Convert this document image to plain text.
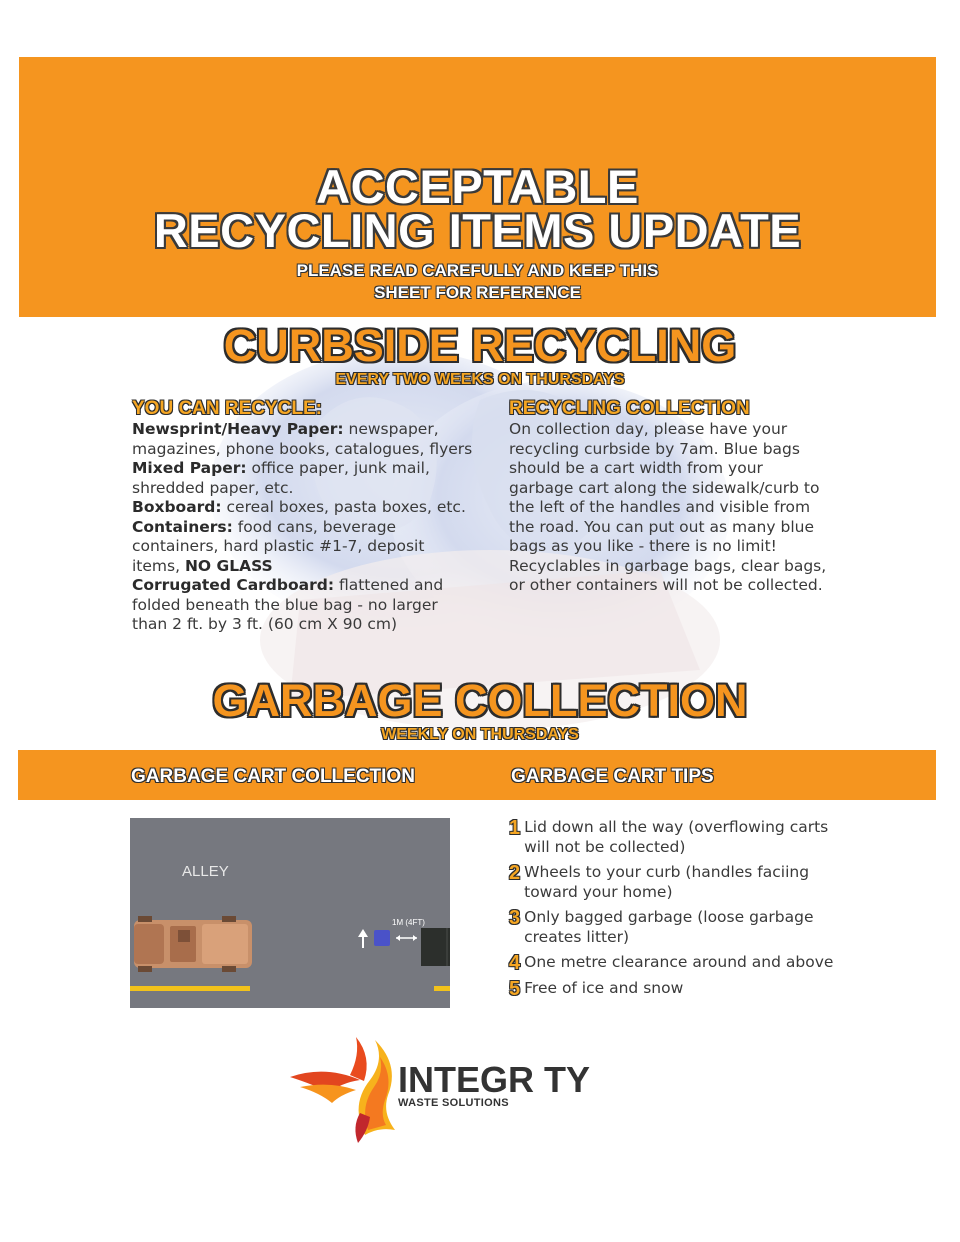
ACCEPTABLE
RECYCLING ITEMS UPDATE
PLEASE READ CAREFULLY AND KEEP THIS
SHEET FOR REFERENCE
CURBSIDE RECYCLING
EVERY TWO WEEKS ON THURSDAYS
YOU CAN RECYCLE:
Newsprint/Heavy Paper: newspaper, magazines, phone books, catalogues, flyers
Mixed Paper: office paper, junk mail, shredded paper, etc.
Boxboard: cereal boxes, pasta boxes, etc.
Containers: food cans, beverage containers, hard plastic #1-7, deposit items, NO GLASS
Corrugated Cardboard: flattened and folded beneath the blue bag - no larger than 2 ft. by 3 ft. (60 cm X 90 cm)
RECYCLING COLLECTION
On collection day, please have your recycling curbside by 7am. Blue bags should be a cart width from your garbage cart along the sidewalk/curb to the left of the handles and visible from the road. You can put out as many blue bags as you like - there is no limit! Recyclables in garbage bags, clear bags, or other containers will not be collected.
GARBAGE COLLECTION
WEEKLY ON THURSDAYS
GARBAGE CART COLLECTION	GARBAGE CART TIPS
ALLEY
1M (4FT)
1 Lid down all the way (overflowing carts will not be collected)
2 Wheels to your curb (handles faciing toward your home)
3 Only bagged garbage (loose garbage creates litter)
4 One metre clearance around and above
5 Free of ice and snow
INTEGR TY
WASTE SOLUTIONS
